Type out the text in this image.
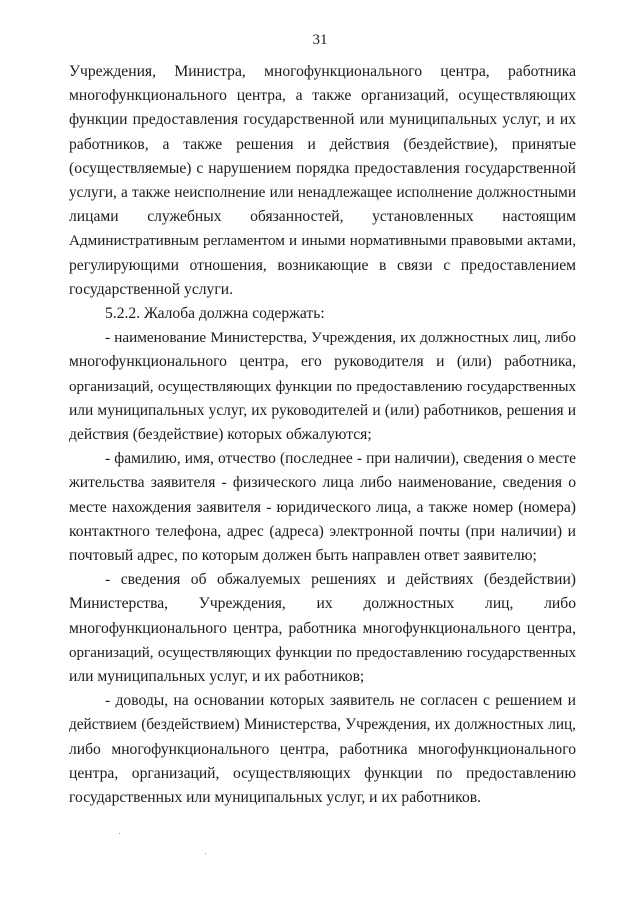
31
Учреждения, Министра, многофункционального центра, работника
многофункционального центра, а также организаций, осуществляющих
функции предоставления государственной или муниципальных услуг, и их
работников, а также решения и действия (бездействие), принятые
(осуществляемые) с нарушением порядка предоставления государственной
услуги, а также неисполнение или ненадлежащее исполнение должностными
лицами служебных обязанностей, установленных настоящим
Административным регламентом и иными нормативными правовыми актами,
регулирующими отношения, возникающие в связи с предоставлением
государственной услуги.
5.2.2. Жалоба должна содержать:
- наименование Министерства, Учреждения, их должностных лиц, либо
многофункционального центра, его руководителя и (или) работника,
организаций, осуществляющих функции по предоставлению государственных
или муниципальных услуг, их руководителей и (или) работников, решения и
действия (бездействие) которых обжалуются;
- фамилию, имя, отчество (последнее - при наличии), сведения о месте
жительства заявителя - физического лица либо наименование, сведения о
месте нахождения заявителя - юридического лица, а также номер (номера)
контактного телефона, адрес (адреса) электронной почты (при наличии) и
почтовый адрес, по которым должен быть направлен ответ заявителю;
- сведения об обжалуемых решениях и действиях (бездействии)
Министерства, Учреждения, их должностных лиц, либо
многофункционального центра, работника многофункционального центра,
организаций, осуществляющих функции по предоставлению государственных
или муниципальных услуг, и их работников;
- доводы, на основании которых заявитель не согласен с решением и
действием (бездействием) Министерства, Учреждения, их должностных лиц,
либо многофункционального центра, работника многофункционального
центра, организаций, осуществляющих функции по предоставлению
государственных или муниципальных услуг, и их работников.
